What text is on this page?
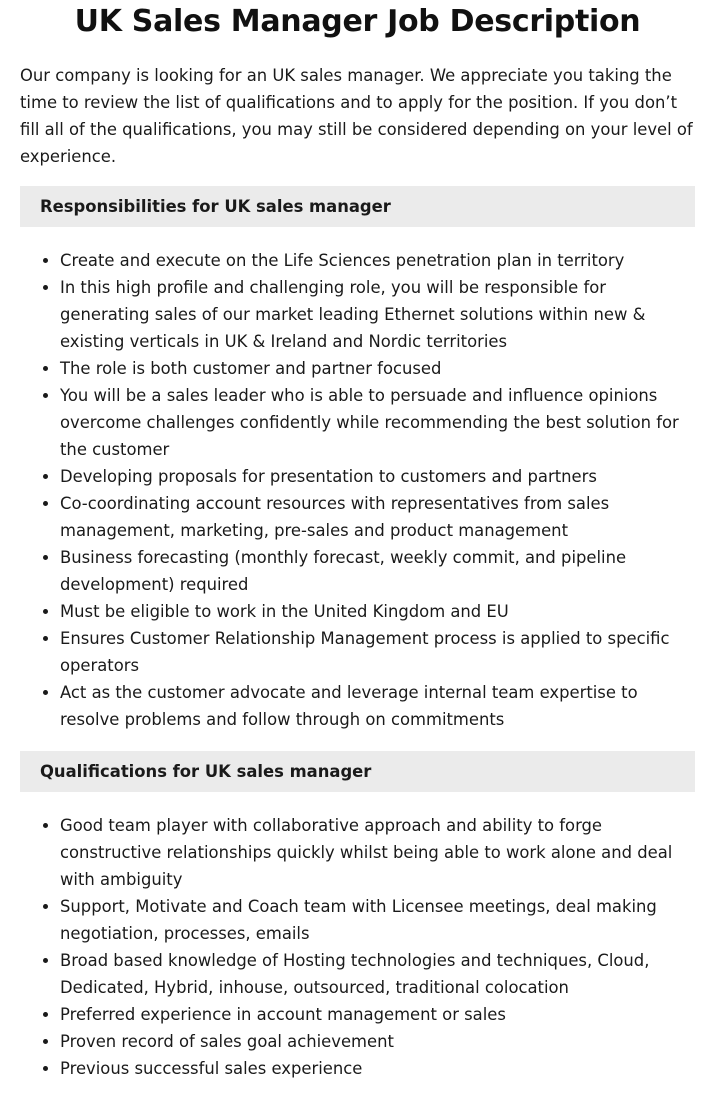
UK Sales Manager Job Description

Our company is looking for an UK sales manager. We appreciate you taking the time to review the list of qualifications and to apply for the position. If you don’t fill all of the qualifications, you may still be considered depending on your level of experience.

Responsibilities for UK sales manager
• Create and execute on the Life Sciences penetration plan in territory
• In this high profile and challenging role, you will be responsible for generating sales of our market leading Ethernet solutions within new & existing verticals in UK & Ireland and Nordic territories
• The role is both customer and partner focused
• You will be a sales leader who is able to persuade and influence opinions overcome challenges confidently while recommending the best solution for the customer
• Developing proposals for presentation to customers and partners
• Co-coordinating account resources with representatives from sales management, marketing, pre-sales and product management
• Business forecasting (monthly forecast, weekly commit, and pipeline development) required
• Must be eligible to work in the United Kingdom and EU
• Ensures Customer Relationship Management process is applied to specific operators
• Act as the customer advocate and leverage internal team expertise to resolve problems and follow through on commitments
Qualifications for UK sales manager
• Good team player with collaborative approach and ability to forge constructive relationships quickly whilst being able to work alone and deal with ambiguity
• Support, Motivate and Coach team with Licensee meetings, deal making negotiation, processes, emails
• Broad based knowledge of Hosting technologies and techniques, Cloud, Dedicated, Hybrid, inhouse, outsourced, traditional colocation
• Preferred experience in account management or sales
• Proven record of sales goal achievement
• Previous successful sales experience
